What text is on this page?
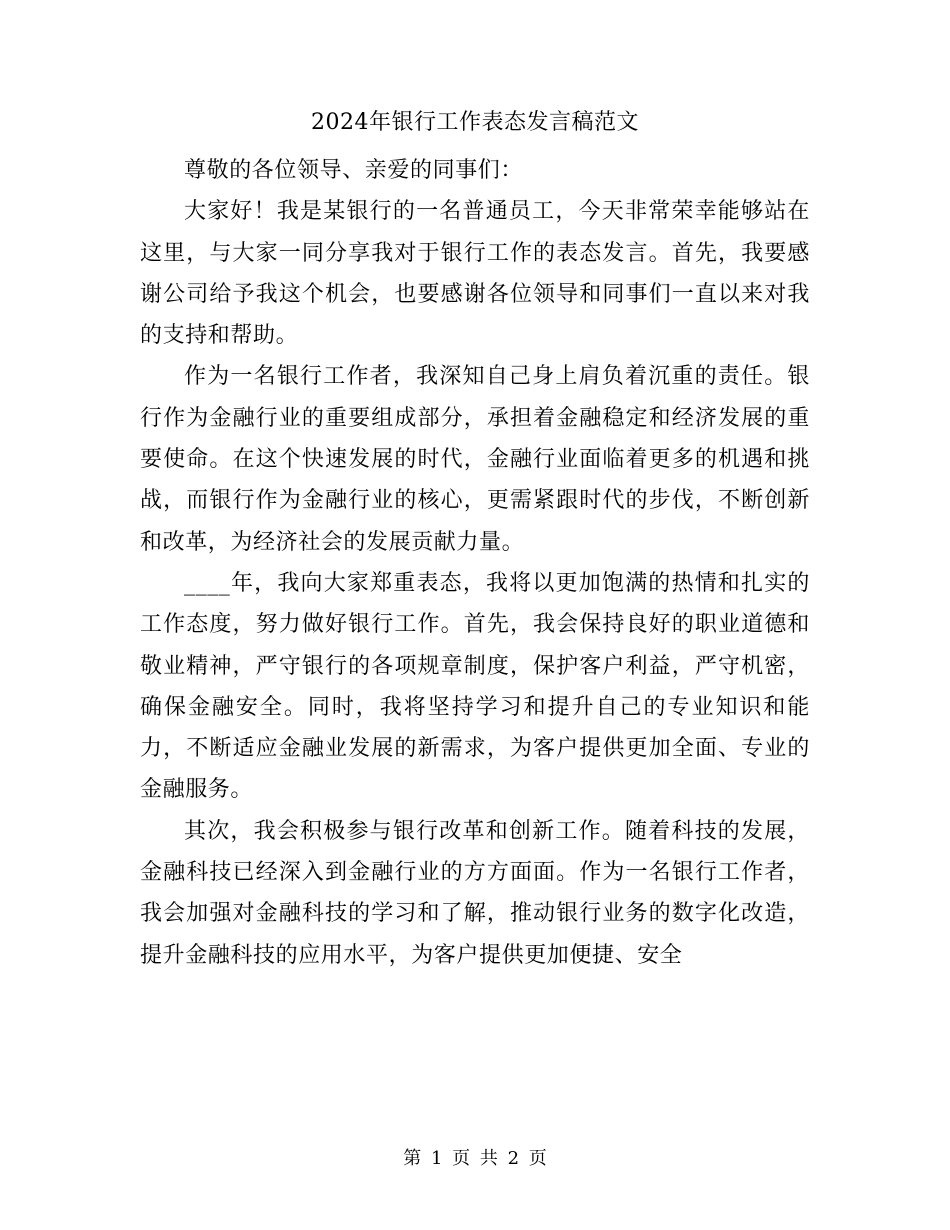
2024年银行工作表态发言稿范文

尊敬的各位领导、亲爱的同事们：

大家好！我是某银行的一名普通员工，今天非常荣幸能够站在这里，与大家一同分享我对于银行工作的表态发言。首先，我要感谢公司给予我这个机会，也要感谢各位领导和同事们一直以来对我的支持和帮助。

作为一名银行工作者，我深知自己身上肩负着沉重的责任。银行作为金融行业的重要组成部分，承担着金融稳定和经济发展的重要使命。在这个快速发展的时代，金融行业面临着更多的机遇和挑战，而银行作为金融行业的核心，更需紧跟时代的步伐，不断创新和改革，为经济社会的发展贡献力量。

____年，我向大家郑重表态，我将以更加饱满的热情和扎实的工作态度，努力做好银行工作。首先，我会保持良好的职业道德和敬业精神，严守银行的各项规章制度，保护客户利益，严守机密，确保金融安全。同时，我将坚持学习和提升自己的专业知识和能力，不断适应金融业发展的新需求，为客户提供更加全面、专业的金融服务。

其次，我会积极参与银行改革和创新工作。随着科技的发展，金融科技已经深入到金融行业的方方面面。作为一名银行工作者，我会加强对金融科技的学习和了解，推动银行业务的数字化改造，提升金融科技的应用水平，为客户提供更加便捷、安全

第 1 页 共 2 页
